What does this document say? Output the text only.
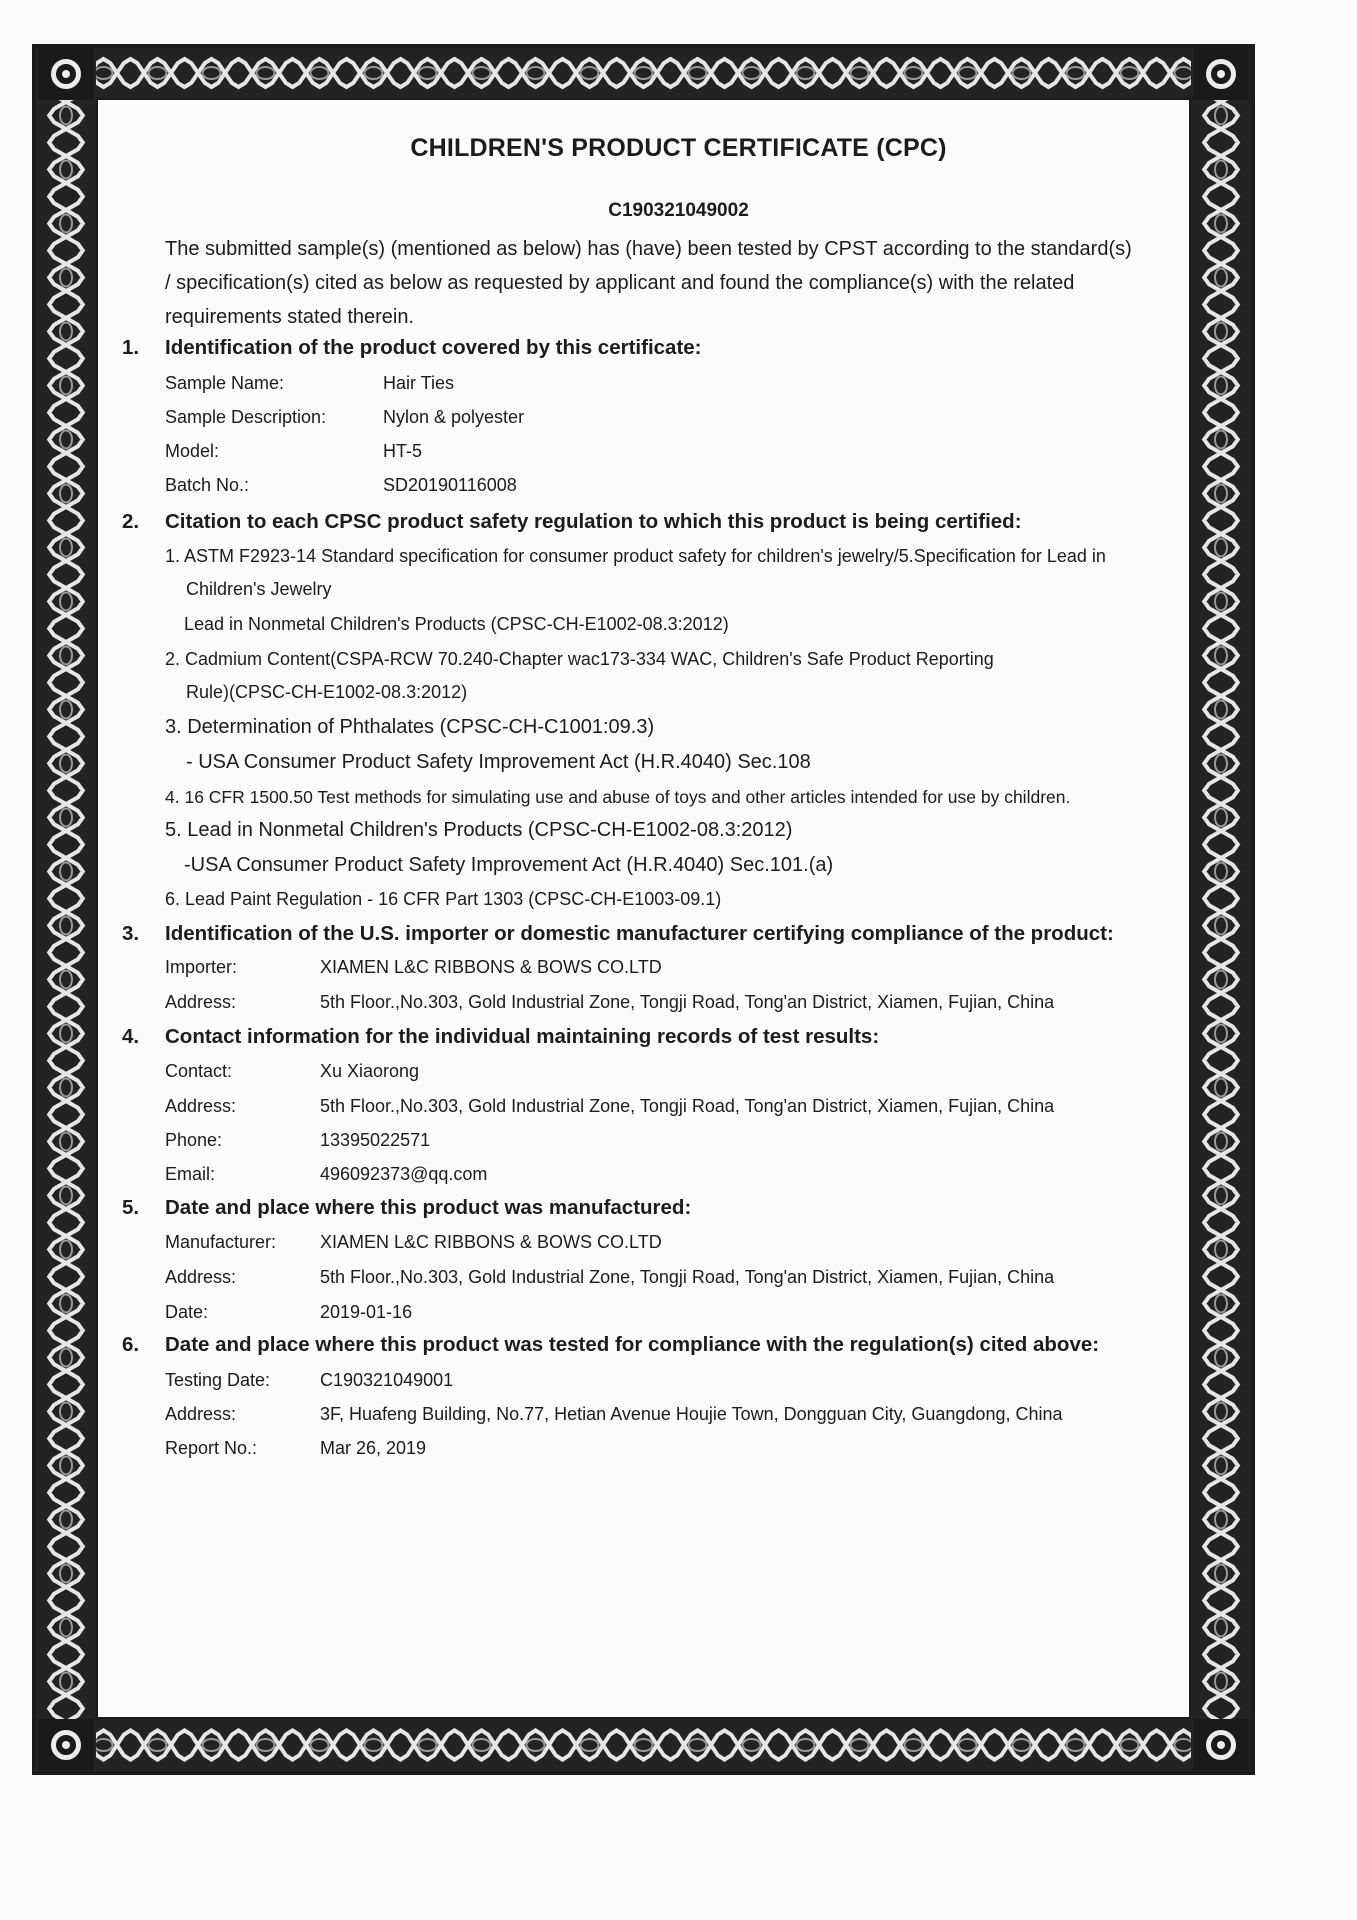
CHILDREN'S PRODUCT CERTIFICATE (CPC)
C190321049002
The submitted sample(s) (mentioned as below) has (have) been tested by CPST according to the standard(s)
/ specification(s) cited as below as requested by applicant and found the compliance(s) with the related
requirements stated therein.
1. Identification of the product covered by this certificate:
Sample Name:	Hair Ties
Sample Description:	Nylon & polyester
Model:	HT-5
Batch No.:	SD20190116008
2. Citation to each CPSC product safety regulation to which this product is being certified:
1. ASTM F2923-14 Standard specification for consumer product safety for children's jewelry/5.Specification for Lead in
Children's Jewelry
Lead in Nonmetal Children's Products (CPSC-CH-E1002-08.3:2012)
2. Cadmium Content(CSPA-RCW 70.240-Chapter wac173-334 WAC, Children's Safe Product Reporting
Rule)(CPSC-CH-E1002-08.3:2012)
3. Determination of Phthalates (CPSC-CH-C1001:09.3)
- USA Consumer Product Safety Improvement Act (H.R.4040) Sec.108
4. 16 CFR 1500.50 Test methods for simulating use and abuse of toys and other articles intended for use by children.
5. Lead in Nonmetal Children's Products (CPSC-CH-E1002-08.3:2012)
-USA Consumer Product Safety Improvement Act (H.R.4040) Sec.101.(a)
6. Lead Paint Regulation - 16 CFR Part 1303 (CPSC-CH-E1003-09.1)
3. Identification of the U.S. importer or domestic manufacturer certifying compliance of the product:
Importer:	XIAMEN L&C RIBBONS & BOWS CO.LTD
Address:	5th Floor.,No.303, Gold Industrial Zone, Tongji Road, Tong'an District, Xiamen, Fujian, China
4. Contact information for the individual maintaining records of test results:
Contact:	Xu Xiaorong
Address:	5th Floor.,No.303, Gold Industrial Zone, Tongji Road, Tong'an District, Xiamen, Fujian, China
Phone:	13395022571
Email:	496092373@qq.com
5. Date and place where this product was manufactured:
Manufacturer: XIAMEN L&C RIBBONS & BOWS CO.LTD
Address:	5th Floor.,No.303, Gold Industrial Zone, Tongji Road, Tong'an District, Xiamen, Fujian, China
Date:	2019-01-16
6. Date and place where this product was tested for compliance with the regulation(s) cited above:
Testing Date:	C190321049001
Address:	3F, Huafeng Building, No.77, Hetian Avenue Houjie Town, Dongguan City, Guangdong, China
Report No.:	Mar 26, 2019
